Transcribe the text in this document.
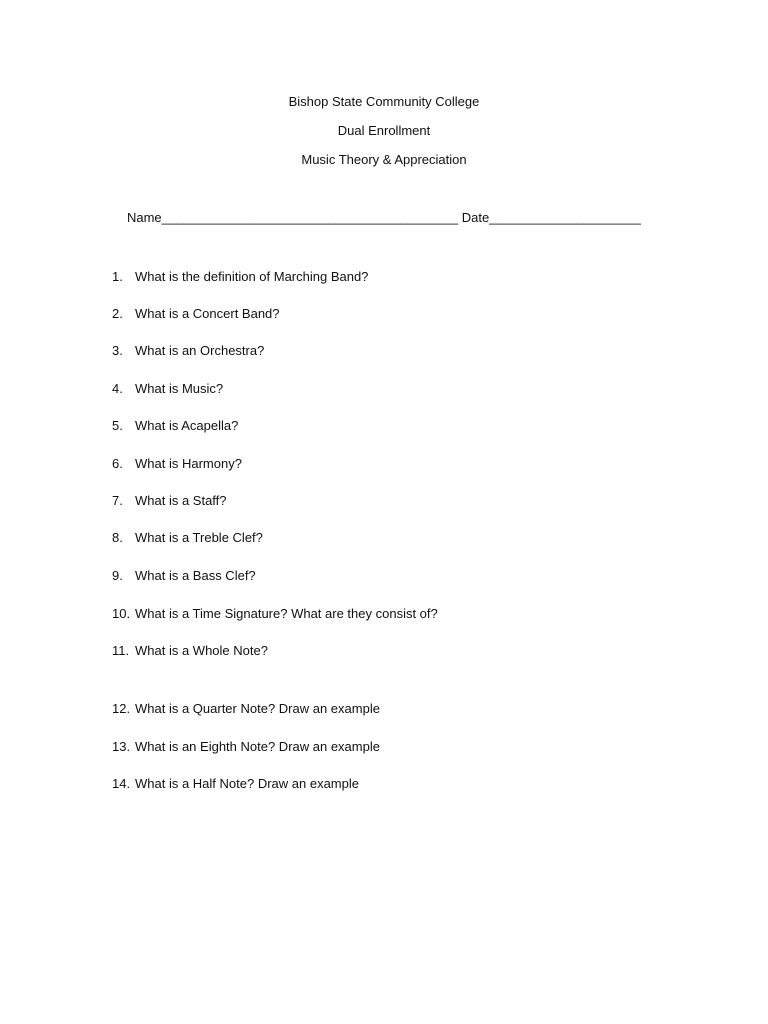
Bishop State Community College
Dual Enrollment
Music Theory & Appreciation
Name_________________________________________ Date_____________________
1. What is the definition of Marching Band?
2. What is a Concert Band?
3. What is an Orchestra?
4. What is Music?
5. What is Acapella?
6. What is Harmony?
7. What is a Staff?
8. What is a Treble Clef?
9. What is a Bass Clef?
10. What is a Time Signature? What are they consist of?
11. What is a Whole Note?
12. What is a Quarter Note? Draw an example
13. What is an Eighth Note? Draw an example
14. What is a Half Note? Draw an example
